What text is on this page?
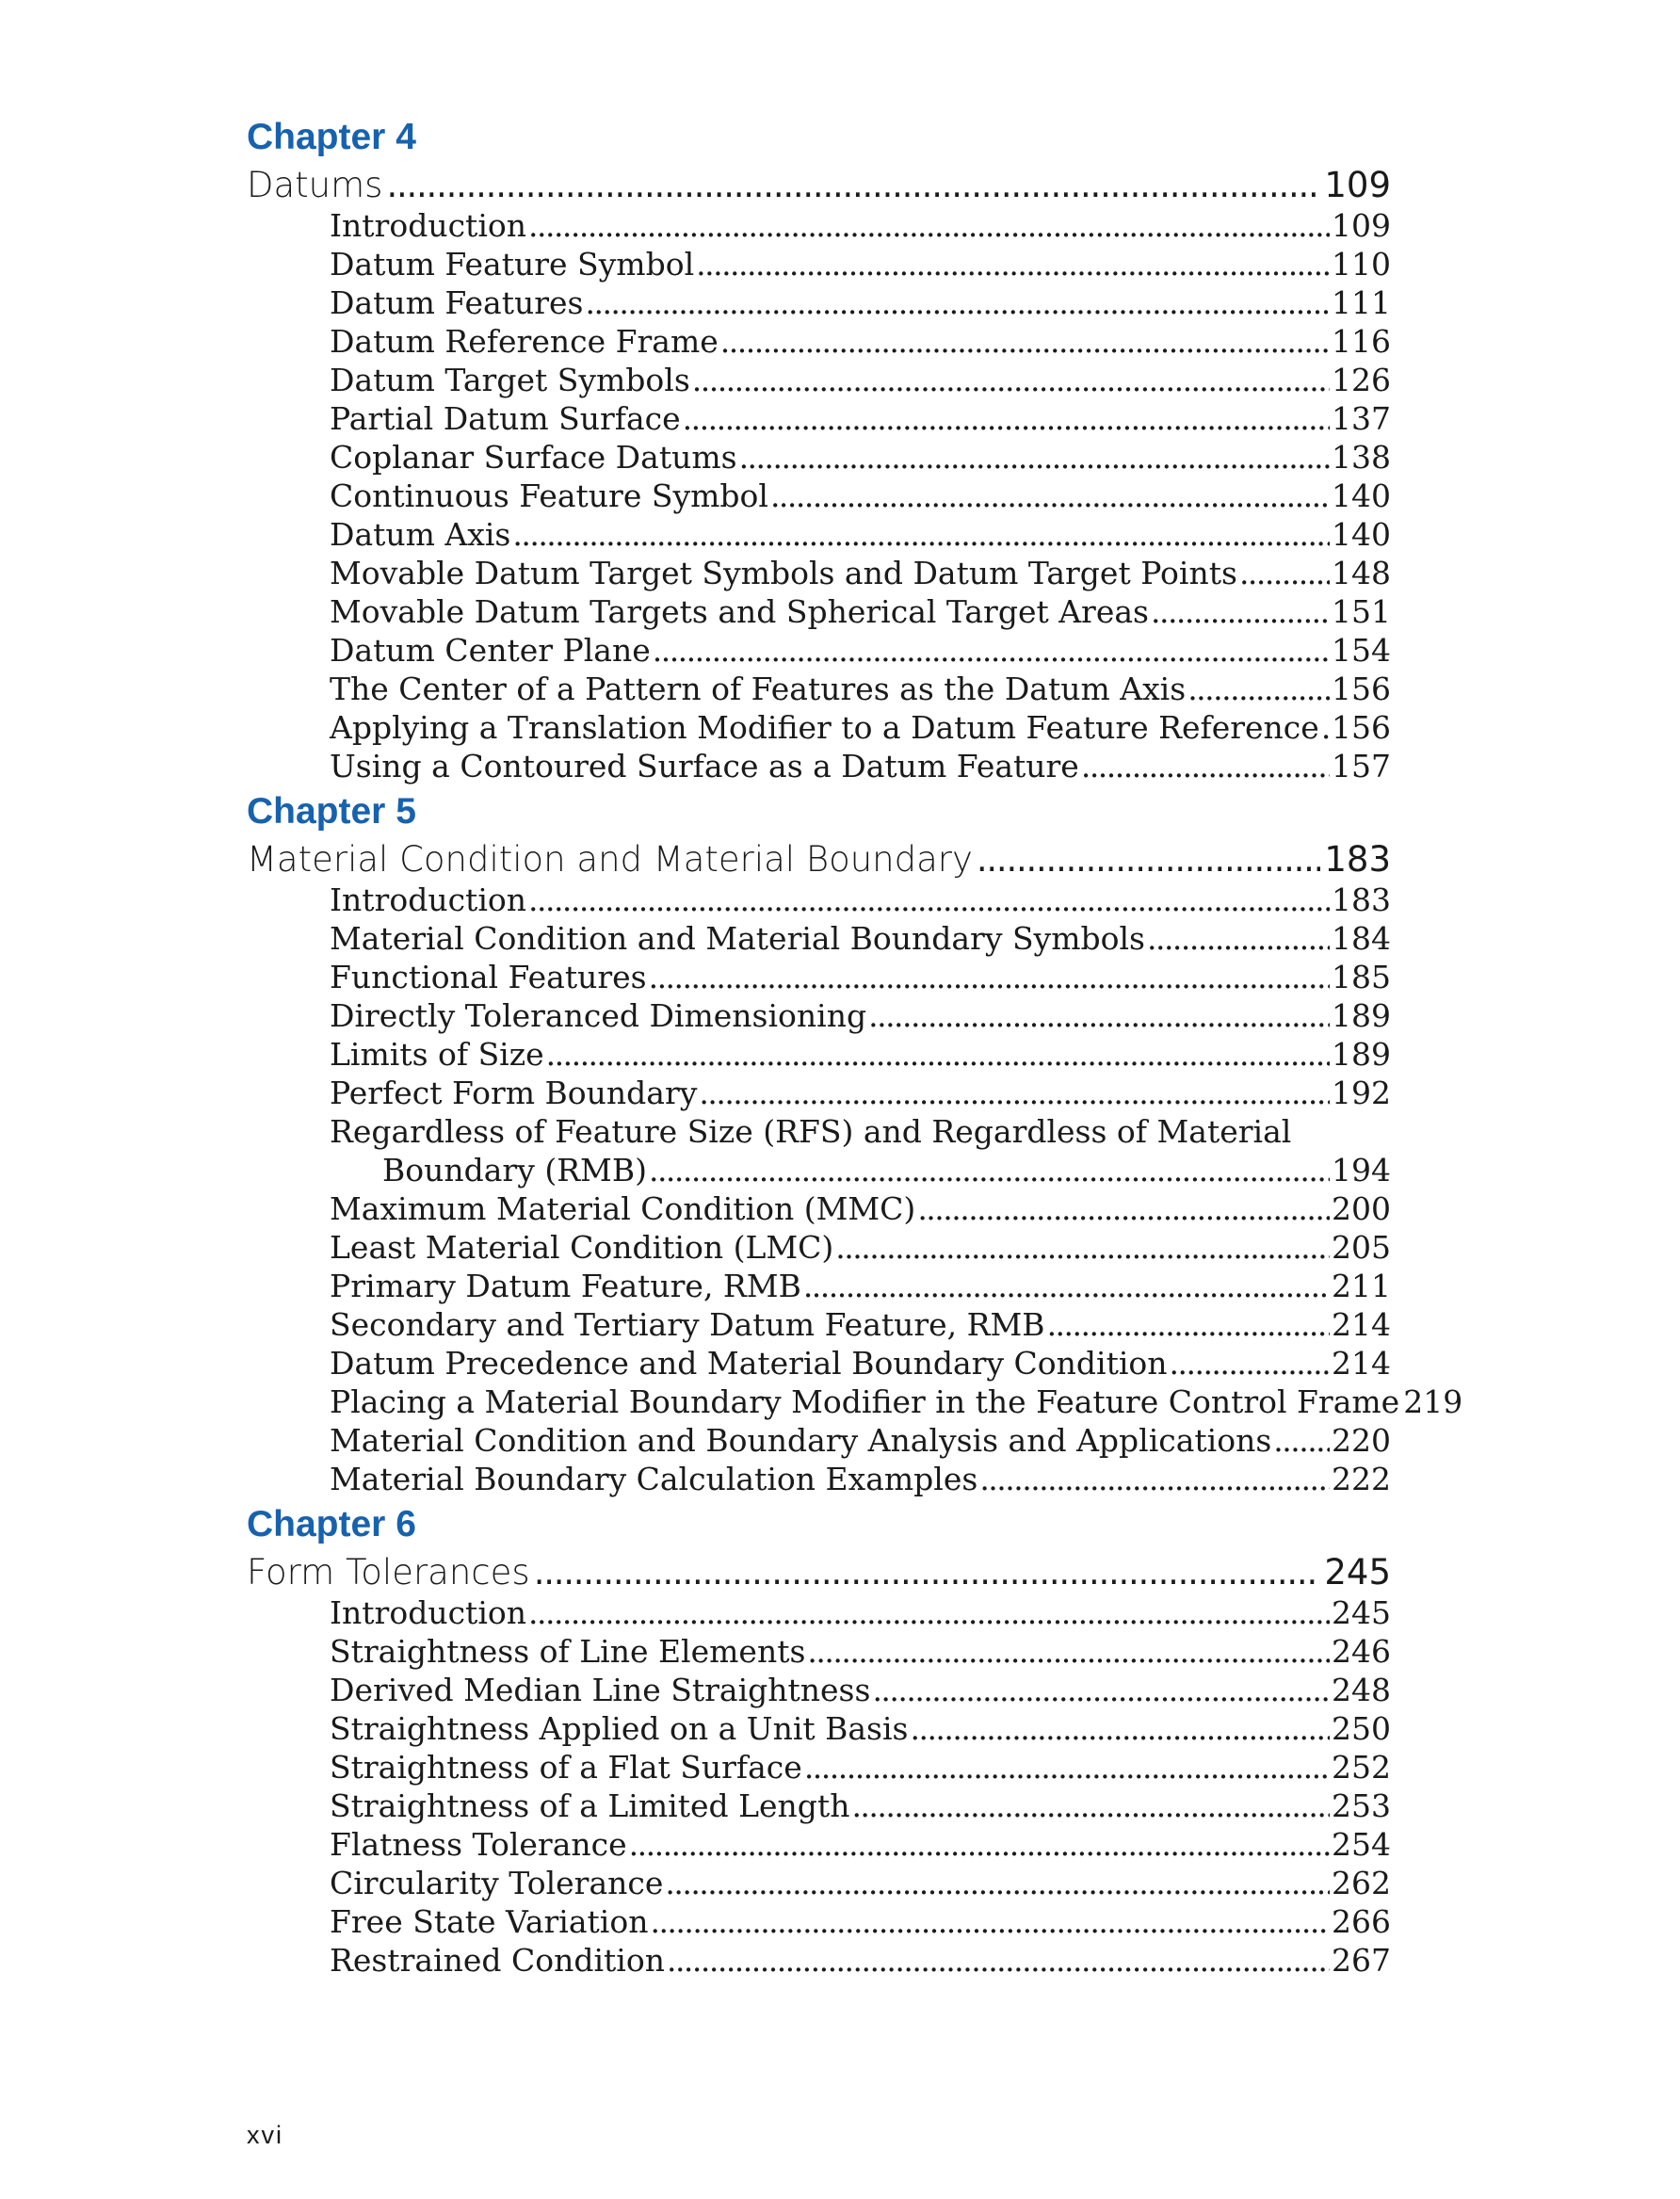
Chapter 4
Datums . . .	109
Introduction . . .	109
Datum Feature Symbol . . .	110
Datum Features . . .	111
Datum Reference Frame . . .	116
Datum Target Symbols . . .	126
Partial Datum Surface . . .	137
Coplanar Surface Datums . . .	138
Continuous Feature Symbol . . .	140
Datum Axis . . .	140
Movable Datum Target Symbols and Datum Target Points . . .	148
Movable Datum Targets and Spherical Target Areas . . .	151
Datum Center Plane . . .	154
The Center of a Pattern of Features as the Datum Axis . . .	156
Applying a Translation Modifier to a Datum Feature Reference . . . 156
Using a Contoured Surface as a Datum Feature . . .	157
Chapter 5
Material Condition and Material Boundary . . .	183
Introduction . . .	183
Material Condition and Material Boundary Symbols . . .	184
Functional Features . . .	185
Directly Toleranced Dimensioning . . .	189
Limits of Size . . .	189
Perfect Form Boundary . . .	192
Regardless of Feature Size (RFS) and Regardless of Material
Boundary (RMB) . . .	194
Maximum Material Condition (MMC) . . .	200
Least Material Condition (LMC) . . .	205
Primary Datum Feature, RMB . . .	211
Secondary and Tertiary Datum Feature, RMB . . .	214
Datum Precedence and Material Boundary Condition . . .	214
Placing a Material Boundary Modifier in the Feature Control Frame 219
Material Condition and Boundary Analysis and Applications . . . 220
Material Boundary Calculation Examples . . .	222
Chapter 6
Form Tolerances . . .	245
Introduction . . .	245
Straightness of Line Elements . . .	246
Derived Median Line Straightness . . .	248
Straightness Applied on a Unit Basis . . .	250
Straightness of a Flat Surface . . .	252
Straightness of a Limited Length . . .	253
Flatness Tolerance . . .	254
Circularity Tolerance . . .	262
Free State Variation . . .	266
Restrained Condition . . .	267
xvi
